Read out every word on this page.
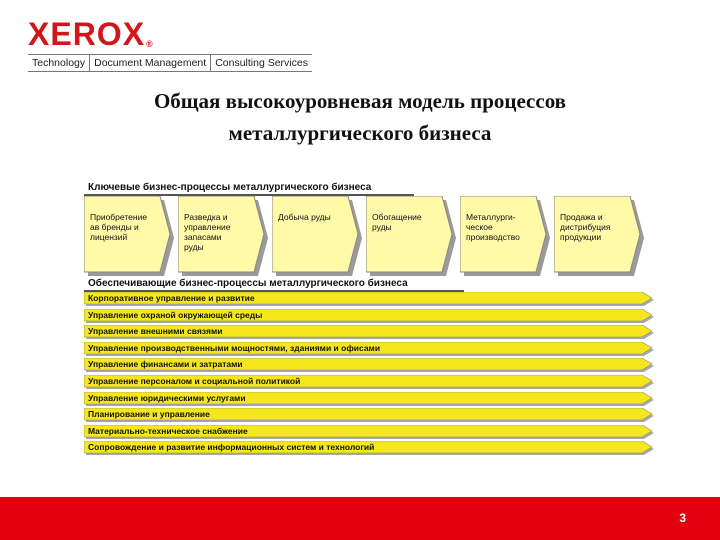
XEROX®
Technology Document Management Consulting Services
Общая высокоуровневая модель процессов
металлургического бизнеса
Ключевые бизнес-процессы металлургического бизнеса
Обеспечивающие бизнес-процессы металлургического бизнеса
Приобретение
ав бренды и
лицензий
Разведка и
управление
запасами
руды
Добыча руды	Обогащение
руды
Металлурги-
ческое
производство
Продажа и
дистрибуция
продукции
Корпоративное управление и развитие
Управление охраной окружающей среды
Управление внешними связями
Управление производственными мощностями, зданиями и офисами
Управление финансами и затратами
Управление персоналом и социальной политикой
Управление юридическими услугами
Планирование и управление
Материально-техническое снабжение
Сопровождение и развитие информационных систем и технологий
3
